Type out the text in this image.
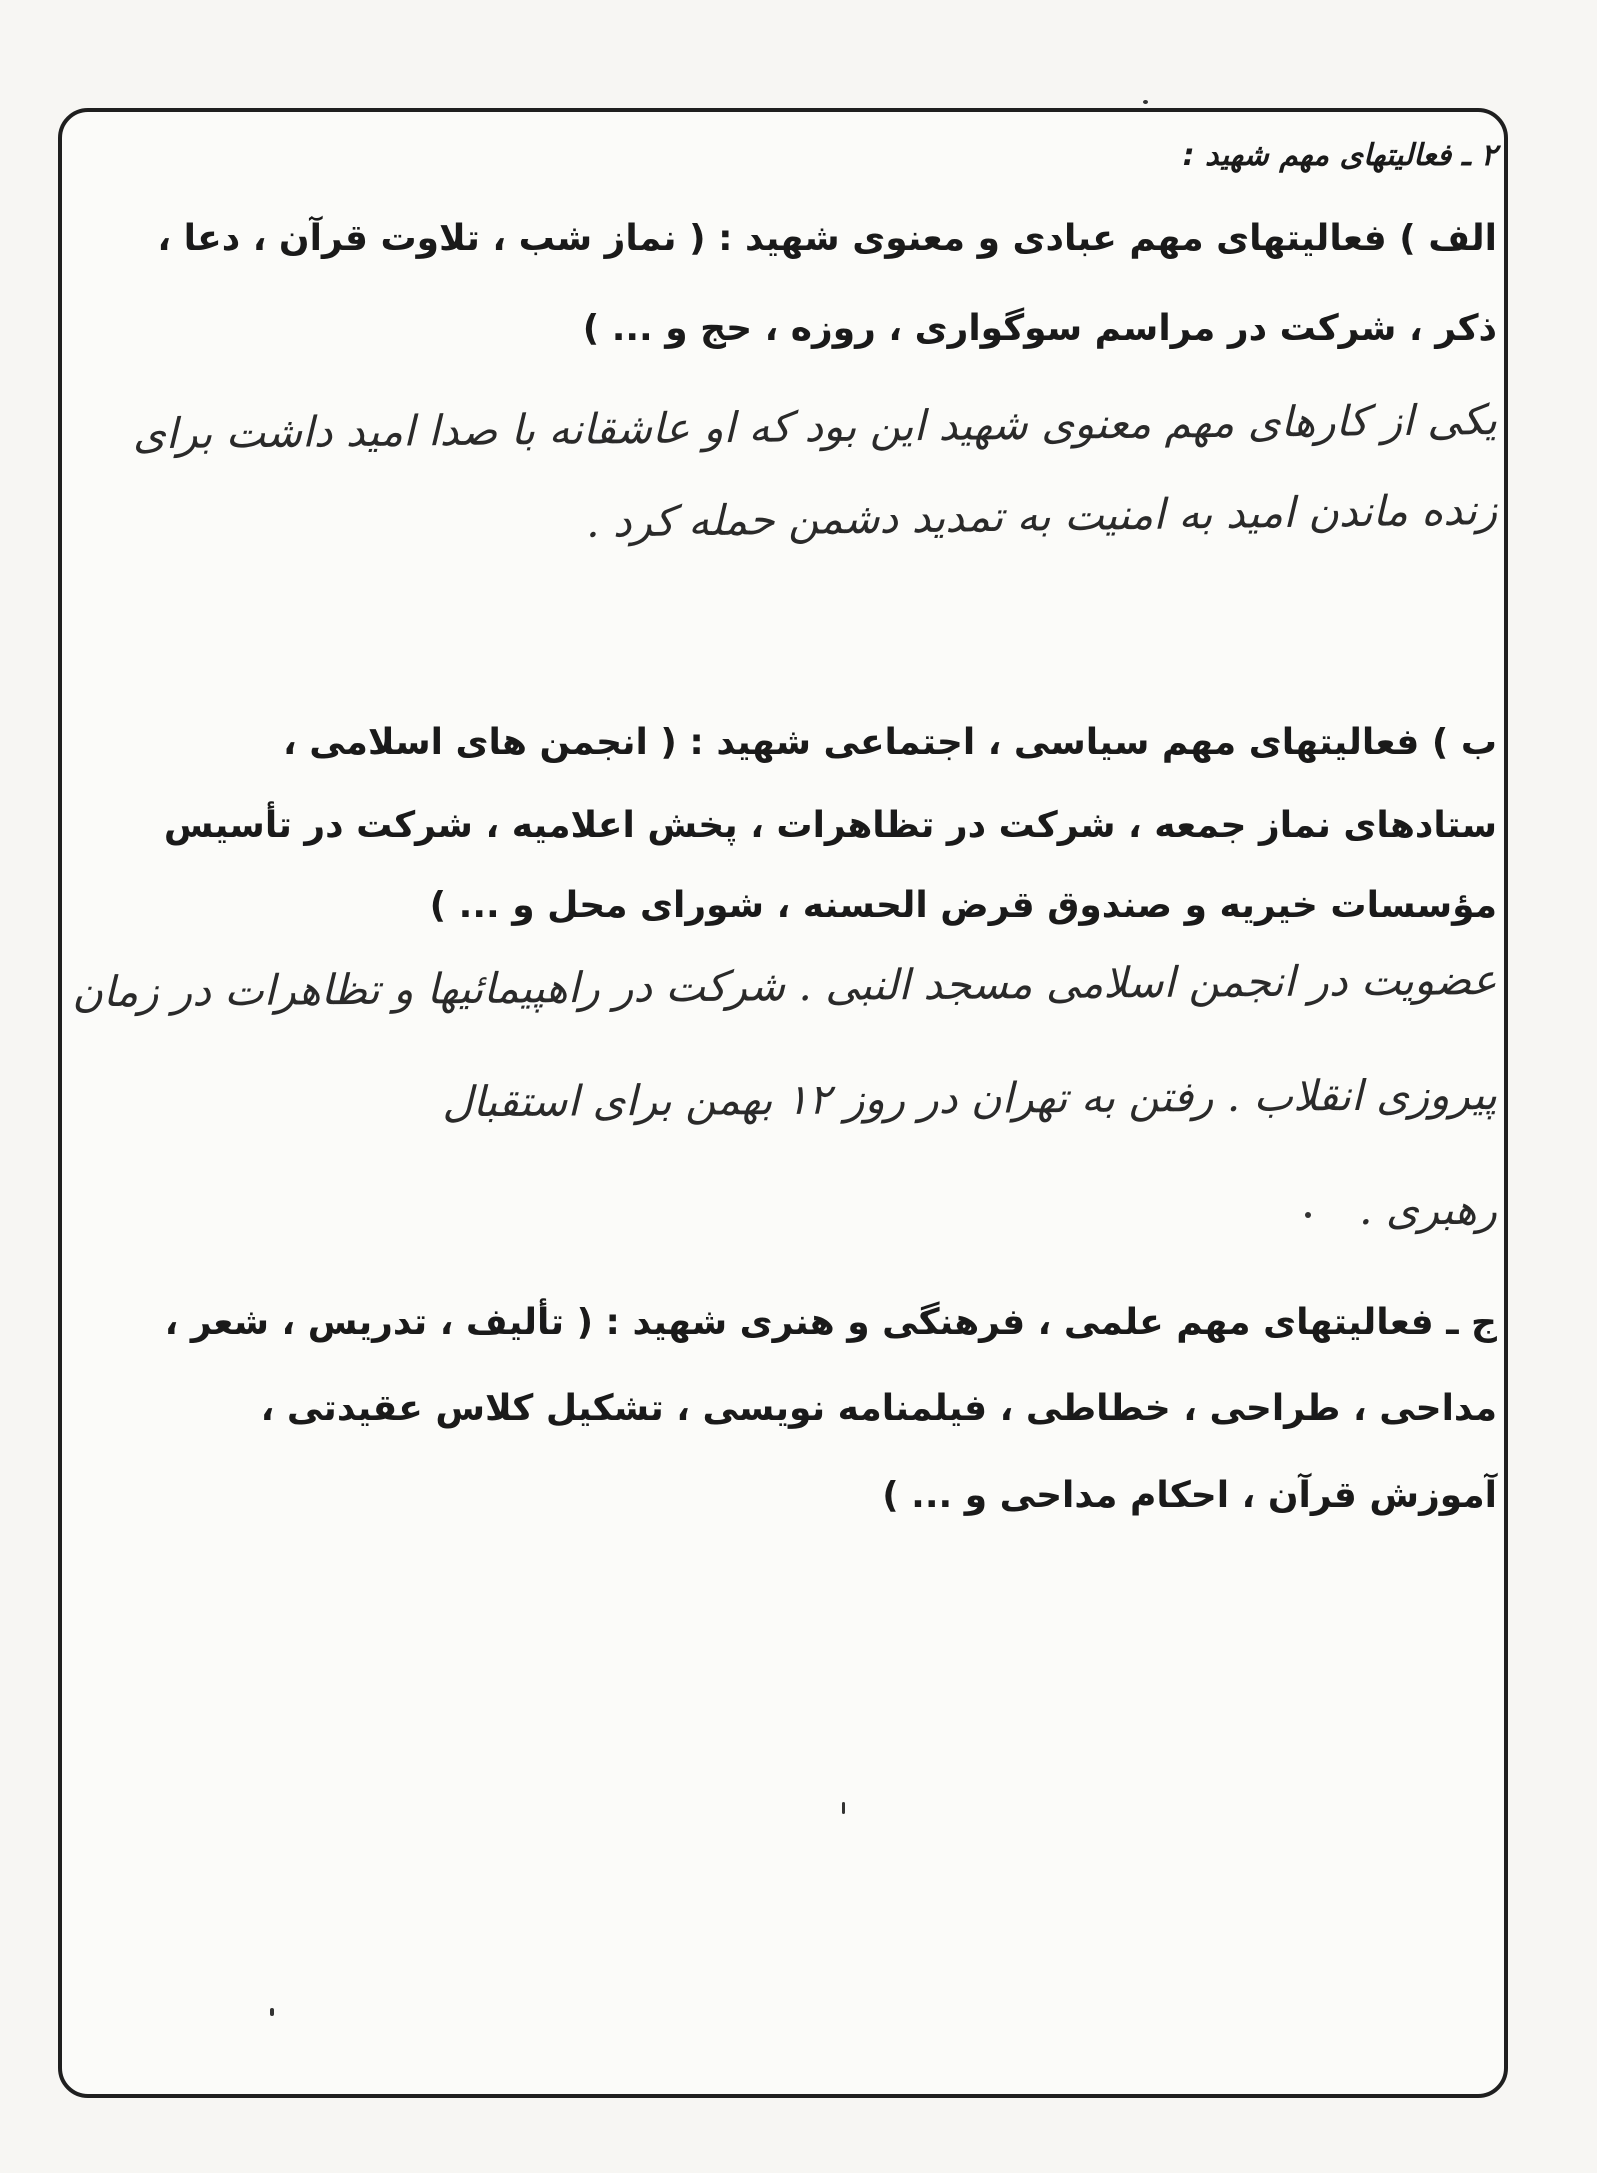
۲ ـ فعالیتهای مهم شهید :
الف ) فعالیتهای مهم عبادی و معنوی شهید : ( نماز شب ، تلاوت قرآن ، دعا ،
ذکر ، شرکت در مراسم سوگواری ، روزه ، حج و ... )
یکی از کارهای مهم معنوی شهید این بود که او عاشقانه با صدا امید داشت برای
زنده ماندن امید به امنیت به تمدید دشمن حمله کرد .
ب ) فعالیتهای مهم سیاسی ، اجتماعی شهید : ( انجمن های اسلامی ،
ستادهای نماز جمعه ، شرکت در تظاهرات ، پخش اعلامیه ، شرکت در تأسیس
مؤسسات خیریه و صندوق قرض الحسنه ، شورای محل و ... )
عضویت در انجمن اسلامی مسجد النبی . شرکت در راهپیمائیها و تظاهرات در زمان
پیروزی انقلاب . رفتن به تهران در روز ۱۲ بهمن برای استقبال
رهبری .
ج ـ فعالیتهای مهم علمی ، فرهنگی و هنری شهید : ( تألیف ، تدریس ، شعر ،
مداحی ، طراحی ، خطاطی ، فیلمنامه نویسی ، تشکیل کلاس عقیدتی ،
آموزش قرآن ، احکام مداحی و ... )
